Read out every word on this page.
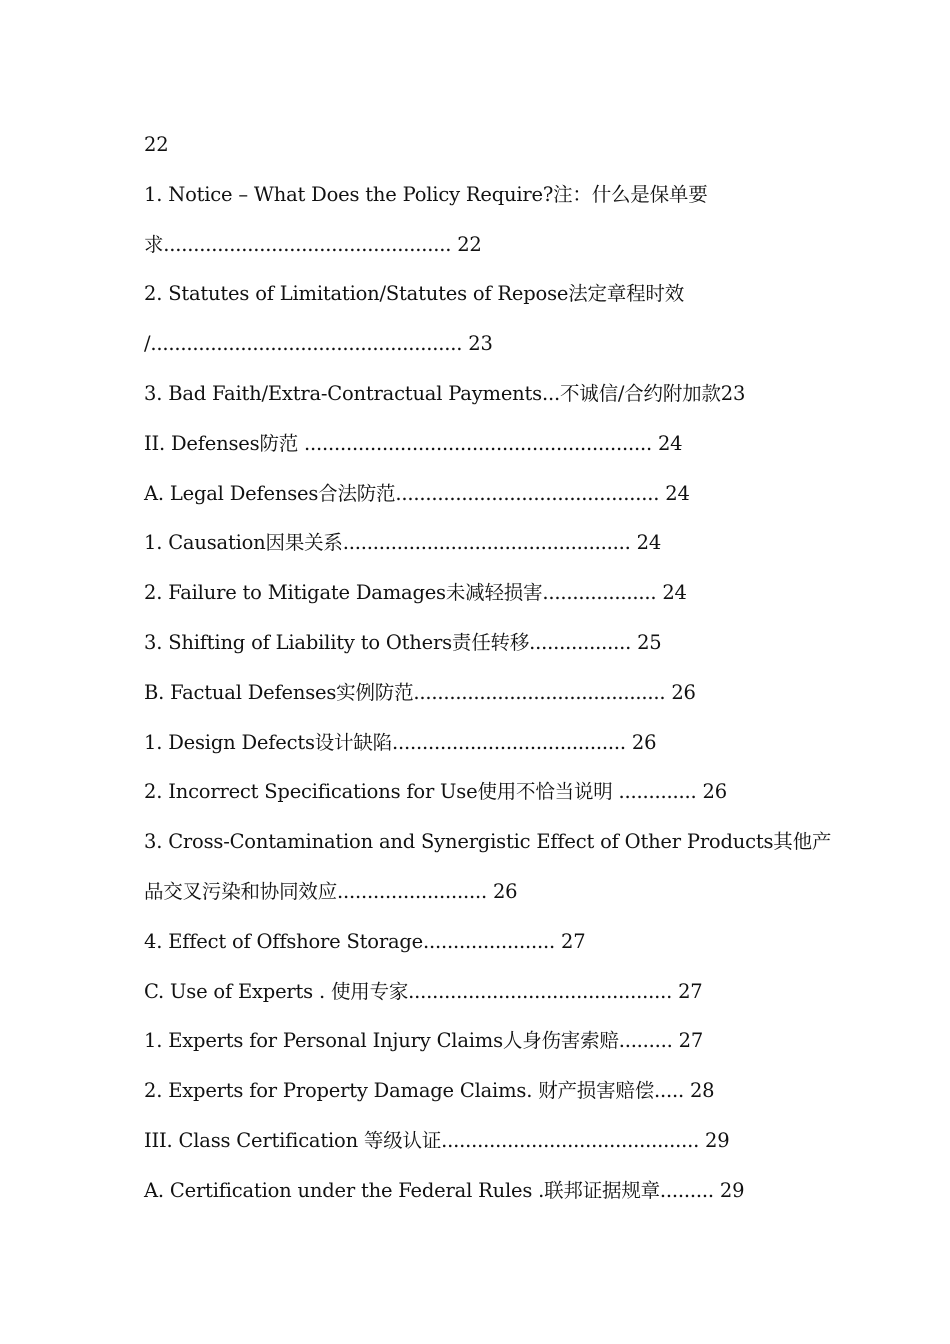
22
1. Notice – What Does the Policy Require?注：什么是保单要
求................................................ 22
2. Statutes of Limitation/Statutes of Repose法定章程时效
/.................................................... 23
3. Bad Faith/Extra-Contractual Payments...不诚信/合约附加款23
II. Defenses防范 .......................................................... 24
A. Legal Defenses合法防范............................................ 24
1. Causation因果关系................................................ 24
2. Failure to Mitigate Damages未减轻损害................... 24
3. Shifting of Liability to Others责任转移................. 25
B. Factual Defenses实例防范.......................................... 26
1. Design Defects设计缺陷....................................... 26
2. Incorrect Specifications for Use使用不恰当说明 ............. 26
3. Cross-Contamination and Synergistic Effect of Other Products其他产
品交叉污染和协同效应......................... 26
4. Effect of Offshore Storage...................... 27
C. Use of Experts . 使用专家............................................ 27
1. Experts for Personal Injury Claims人身伤害索赔......... 27
2. Experts for Property Damage Claims. 财产损害赔偿..... 28
III. Class Certification 等级认证........................................... 29
A. Certification under the Federal Rules .联邦证据规章......... 29
